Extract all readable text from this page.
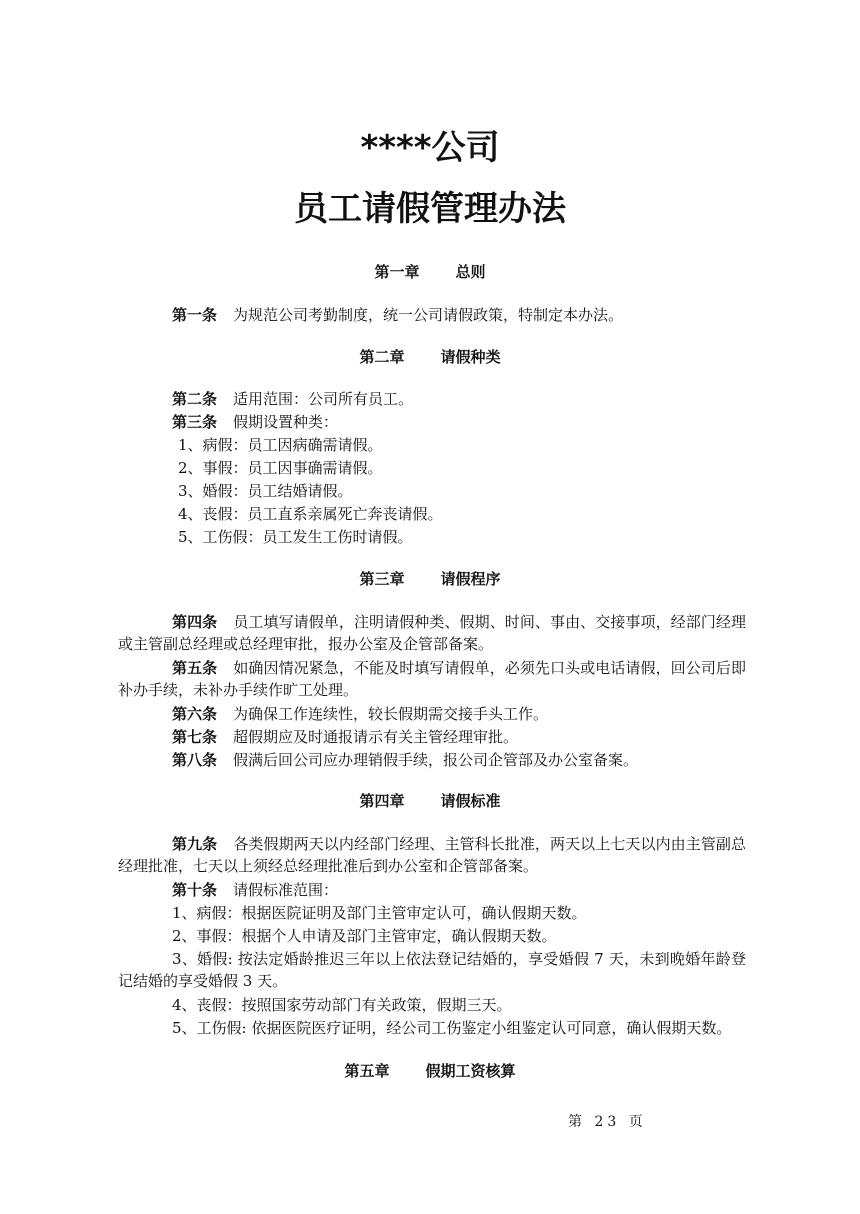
****公司
员工请假管理办法
第一章 总则
第一条 为规范公司考勤制度，统一公司请假政策，特制定本办法。
第二章 请假种类
第二条 适用范围：公司所有员工。
第三条 假期设置种类：
1、病假：员工因病确需请假。
2、事假：员工因事确需请假。
3、婚假：员工结婚请假。
4、丧假：员工直系亲属死亡奔丧请假。
5、工伤假：员工发生工伤时请假。
第三章 请假程序
第四条 员工填写请假单，注明请假种类、假期、时间、事由、交接事项，经部门经理或主管副总经理或总经理审批，报办公室及企管部备案。
第五条 如确因情况紧急，不能及时填写请假单，必须先口头或电话请假，回公司后即补办手续，未补办手续作旷工处理。
第六条 为确保工作连续性，较长假期需交接手头工作。
第七条 超假期应及时通报请示有关主管经理审批。
第八条 假满后回公司应办理销假手续，报公司企管部及办公室备案。
第四章 请假标准
第九条 各类假期两天以内经部门经理、主管科长批准，两天以上七天以内由主管副总经理批准，七天以上须经总经理批准后到办公室和企管部备案。
第十条 请假标准范围：
1、病假：根据医院证明及部门主管审定认可，确认假期天数。
2、事假：根据个人申请及部门主管审定，确认假期天数。
3、婚假: 按法定婚龄推迟三年以上依法登记结婚的，享受婚假 7 天，未到晚婚年龄登记结婚的享受婚假 3 天。
4、丧假：按照国家劳动部门有关政策，假期三天。
5、工伤假: 依据医院医疗证明，经公司工伤鉴定小组鉴定认可同意，确认假期天数。
第五章 假期工资核算
第 23 页
